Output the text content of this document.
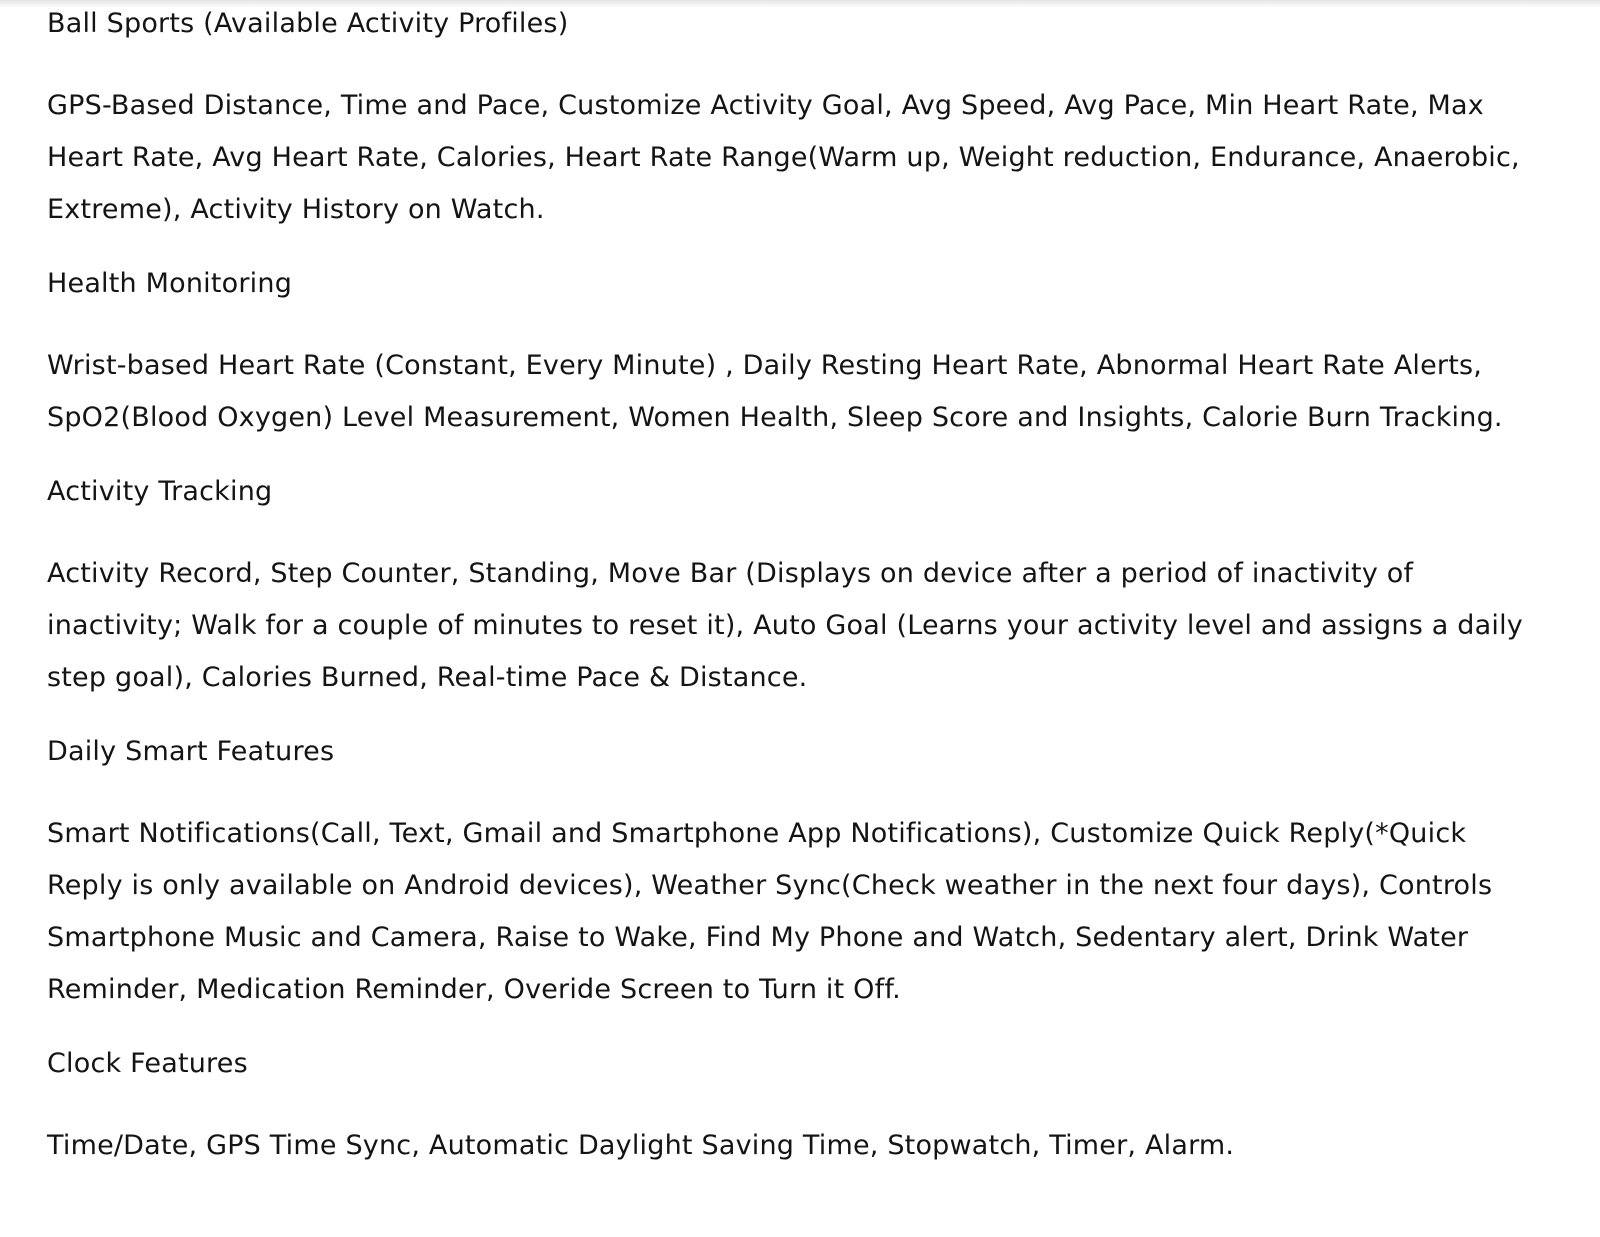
Ball Sports (Available Activity Profiles)

GPS-Based Distance, Time and Pace, Customize Activity Goal, Avg Speed, Avg Pace, Min Heart Rate, Max Heart Rate, Avg Heart Rate, Calories, Heart Rate Range(Warm up, Weight reduction, Endurance, Anaerobic, Extreme), Activity History on Watch.

Health Monitoring

Wrist-based Heart Rate (Constant, Every Minute) , Daily Resting Heart Rate, Abnormal Heart Rate Alerts, SpO2(Blood Oxygen) Level Measurement, Women Health, Sleep Score and Insights, Calorie Burn Tracking.

Activity Tracking

Activity Record, Step Counter, Standing, Move Bar (Displays on device after a period of inactivity of inactivity; Walk for a couple of minutes to reset it), Auto Goal (Learns your activity level and assigns a daily step goal), Calories Burned, Real-time Pace & Distance.

Daily Smart Features

Smart Notifications(Call, Text, Gmail and Smartphone App Notifications), Customize Quick Reply(*Quick Reply is only available on Android devices), Weather Sync(Check weather in the next four days), Controls Smartphone Music and Camera, Raise to Wake, Find My Phone and Watch, Sedentary alert, Drink Water Reminder, Medication Reminder, Overide Screen to Turn it Off.

Clock Features

Time/Date, GPS Time Sync, Automatic Daylight Saving Time, Stopwatch, Timer, Alarm.
